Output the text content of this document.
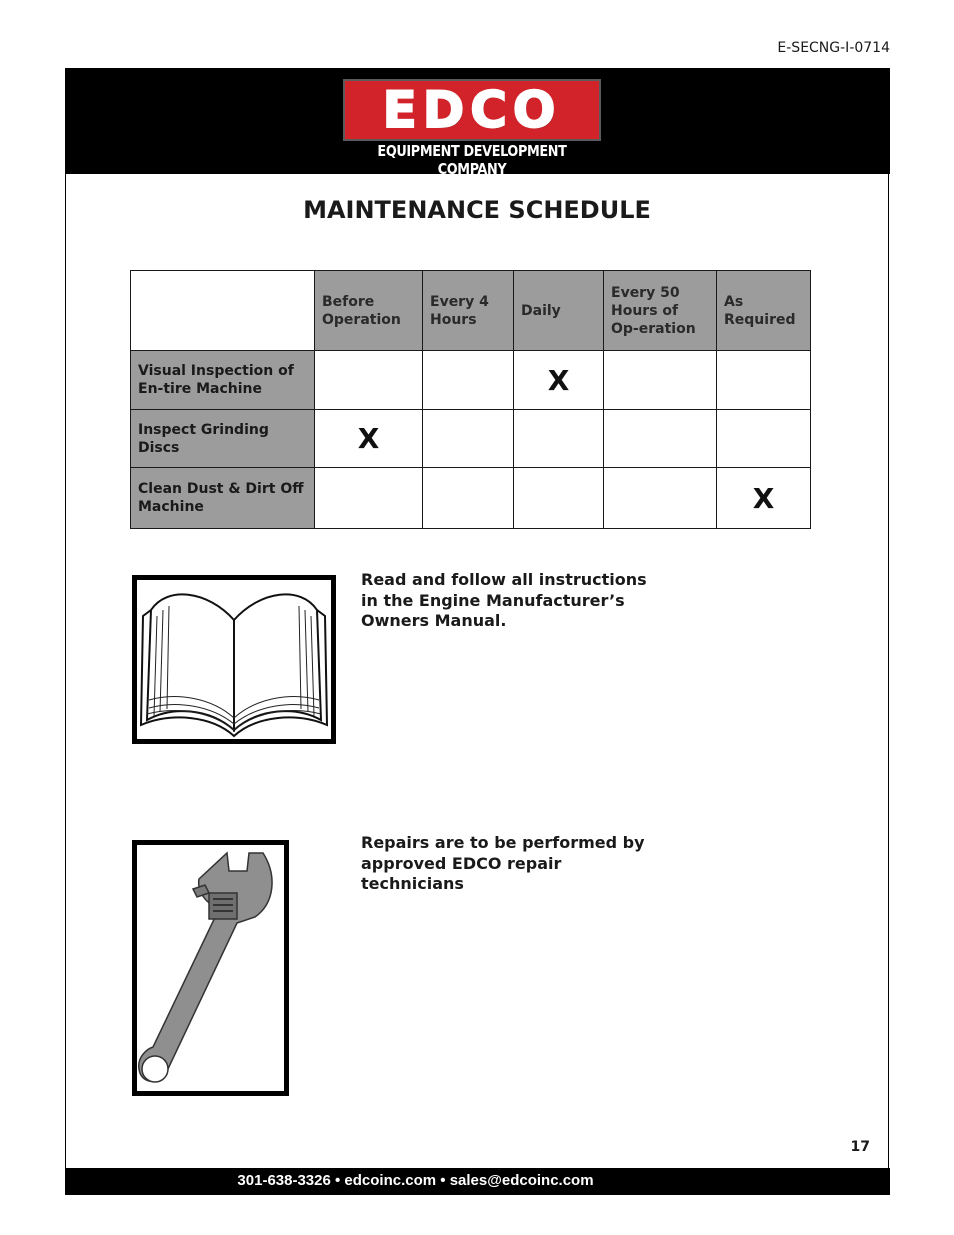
E-SECNG-I-0714
EDCO
EQUIPMENT DEVELOPMENT COMPANY
MAINTENANCE SCHEDULE
	Before Operation	Every 4 Hours	Daily	Every 50 Hours of Op-eration	As Required
Visual Inspection of En-tire Machine			X		
Inspect Grinding Discs	X				
Clean Dust & Dirt Off Machine					X
Read and follow all instructions
in the Engine Manufacturer’s
Owners Manual.
Repairs are to be performed by
approved EDCO repair
technicians
17
301-638-3326 • edcoinc.com • sales@edcoinc.com
